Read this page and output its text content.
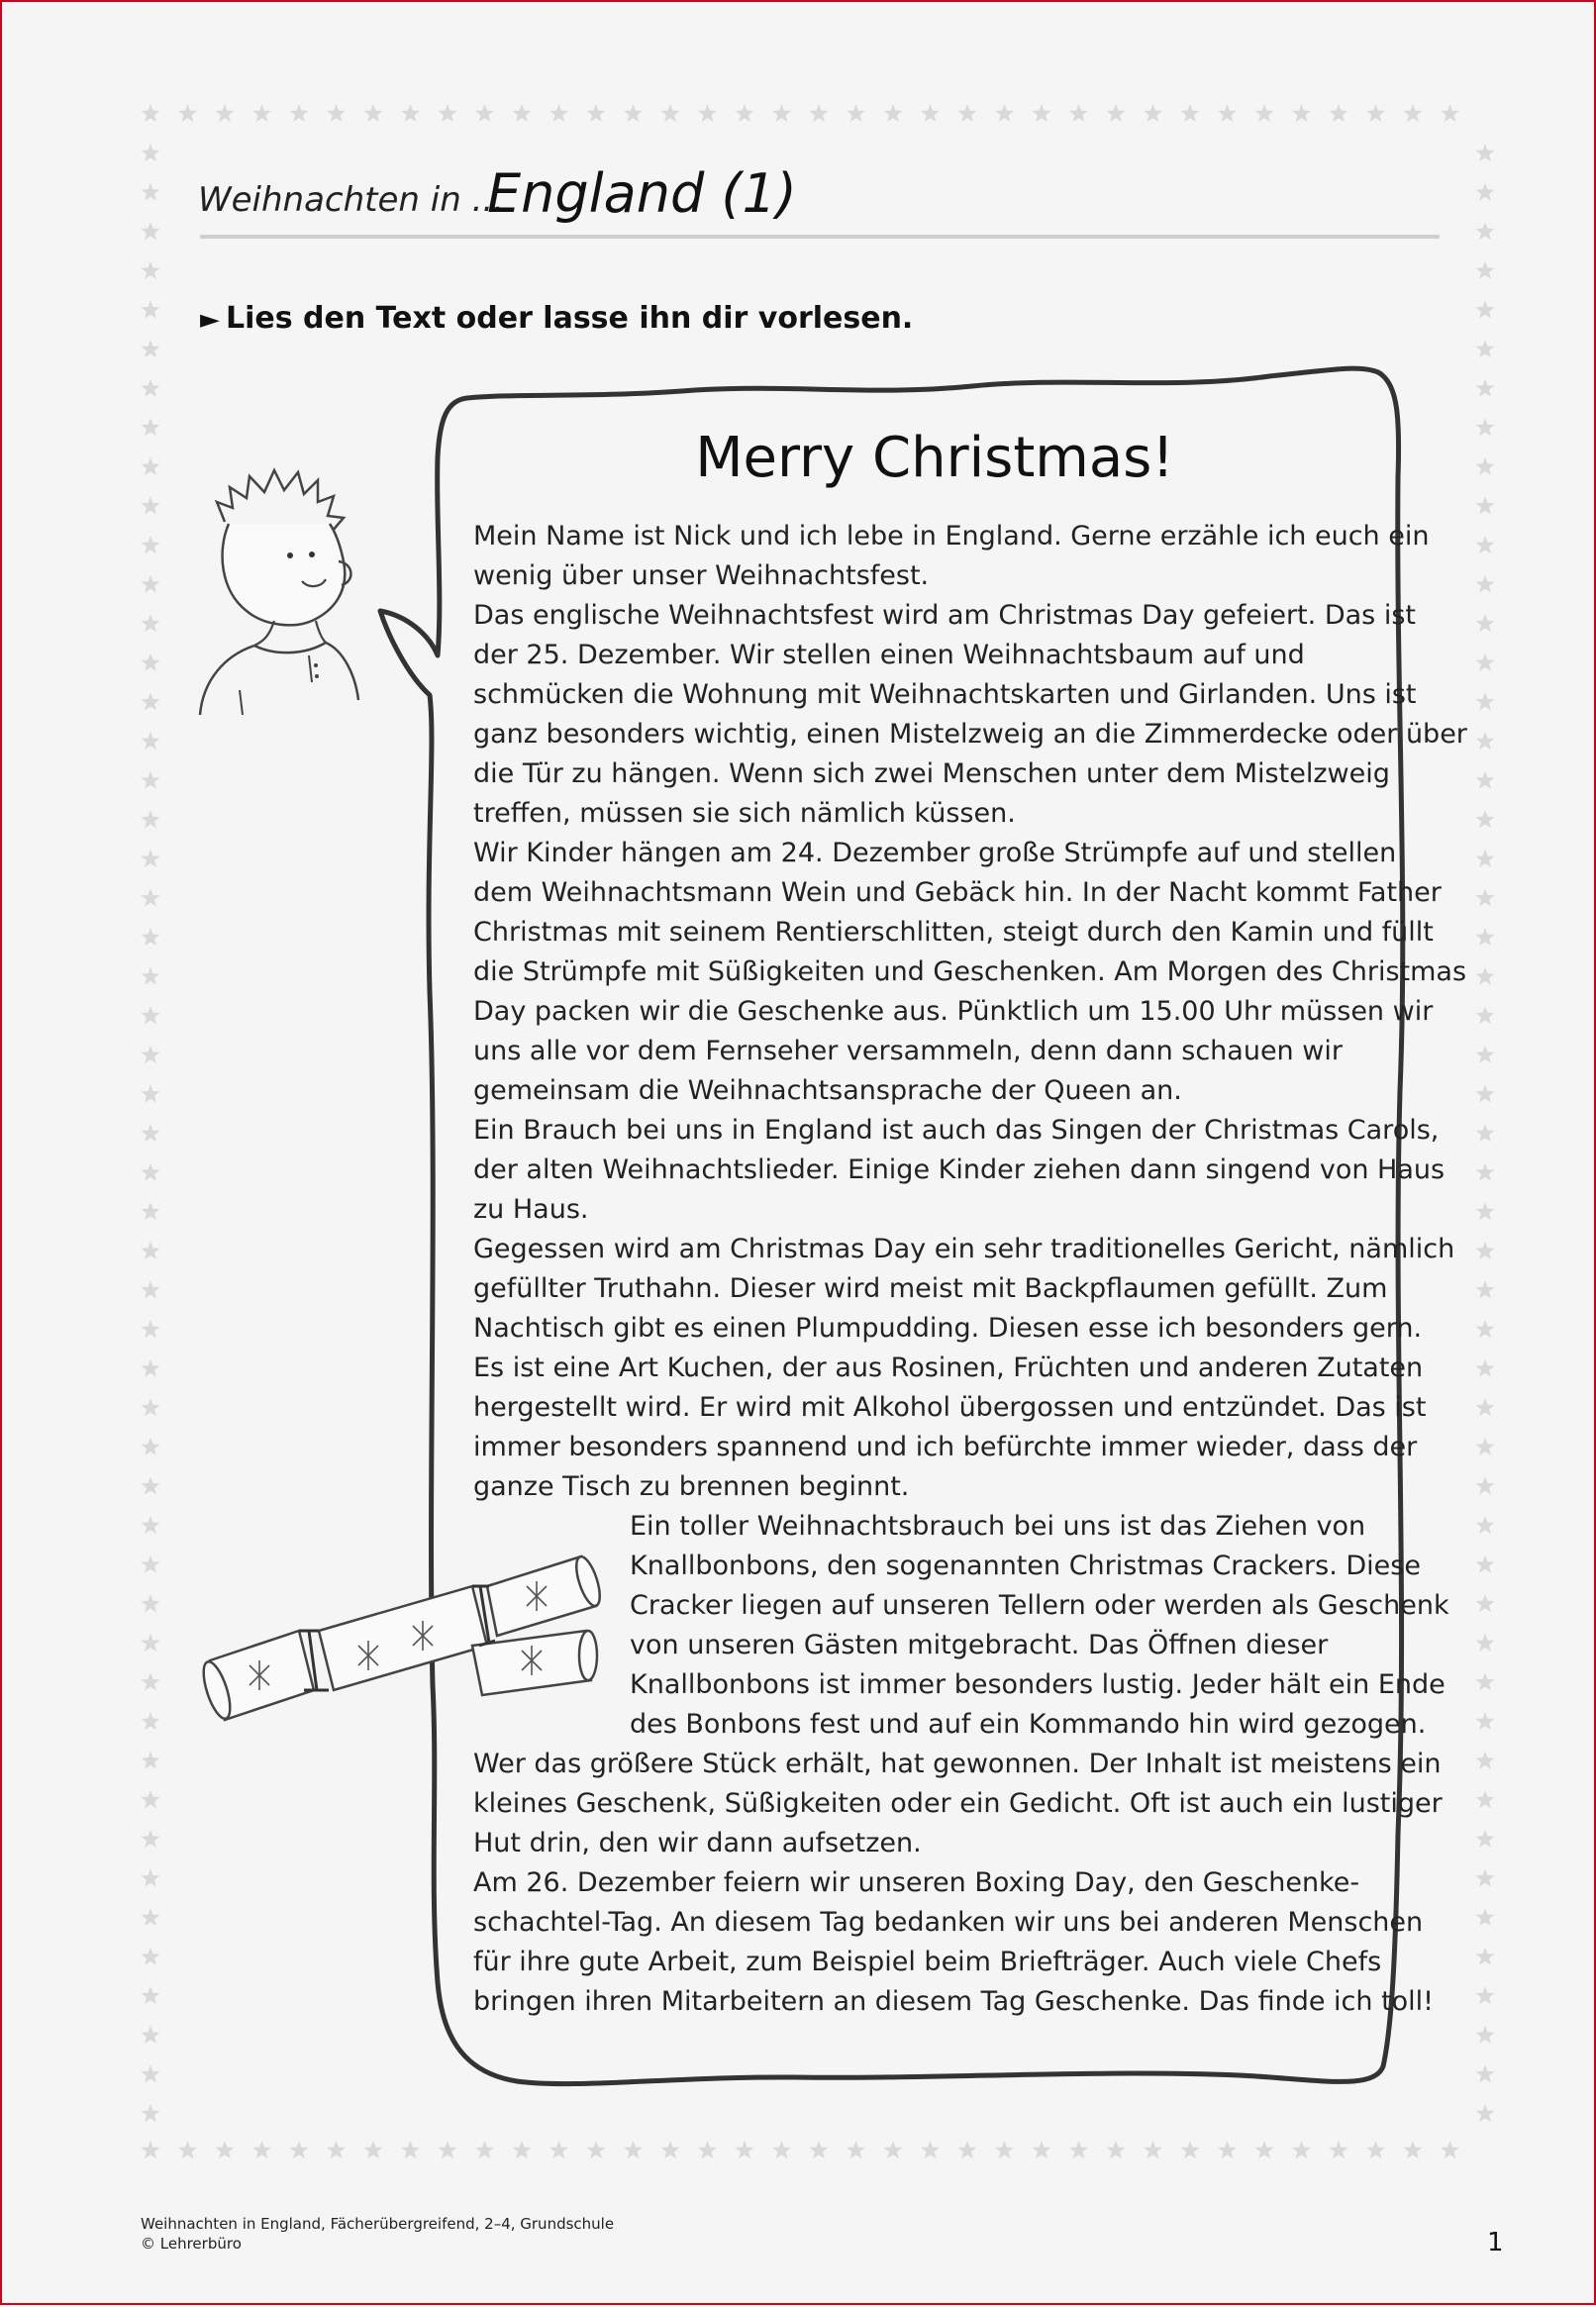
Weihnachten in ...
England (1)
► Lies den Text oder lasse ihn dir vorlesen.
Merry Christmas!
Mein Name ist Nick und ich lebe in England. Gerne erzähle ich euch ein
wenig über unser Weihnachtsfest.
Das englische Weihnachtsfest wird am Christmas Day gefeiert. Das ist
der 25. Dezember. Wir stellen einen Weihnachtsbaum auf und
schmücken die Wohnung mit Weihnachtskarten und Girlanden. Uns ist
ganz besonders wichtig, einen Mistelzweig an die Zimmerdecke oder über
die Tür zu hängen. Wenn sich zwei Menschen unter dem Mistelzweig
treffen, müssen sie sich nämlich küssen.
Wir Kinder hängen am 24. Dezember große Strümpfe auf und stellen
dem Weihnachtsmann Wein und Gebäck hin. In der Nacht kommt Father
Christmas mit seinem Rentierschlitten, steigt durch den Kamin und füllt
die Strümpfe mit Süßigkeiten und Geschenken. Am Morgen des Christmas
Day packen wir die Geschenke aus. Pünktlich um 15.00 Uhr müssen wir
uns alle vor dem Fernseher versammeln, denn dann schauen wir
gemeinsam die Weihnachtsansprache der Queen an.
Ein Brauch bei uns in England ist auch das Singen der Christmas Carols,
der alten Weihnachtslieder. Einige Kinder ziehen dann singend von Haus
zu Haus.
Gegessen wird am Christmas Day ein sehr traditionelles Gericht, nämlich
gefüllter Truthahn. Dieser wird meist mit Backpflaumen gefüllt. Zum
Nachtisch gibt es einen Plumpudding. Diesen esse ich besonders gern.
Es ist eine Art Kuchen, der aus Rosinen, Früchten und anderen Zutaten
hergestellt wird. Er wird mit Alkohol übergossen und entzündet. Das ist
immer besonders spannend und ich befürchte immer wieder, dass der
ganze Tisch zu brennen beginnt.
Ein toller Weihnachtsbrauch bei uns ist das Ziehen von
Knallbonbons, den sogenannten Christmas Crackers. Diese
Cracker liegen auf unseren Tellern oder werden als Geschenk
von unseren Gästen mitgebracht. Das Öffnen dieser
Knallbonbons ist immer besonders lustig. Jeder hält ein Ende
des Bonbons fest und auf ein Kommando hin wird gezogen.
Wer das größere Stück erhält, hat gewonnen. Der Inhalt ist meistens ein
kleines Geschenk, Süßigkeiten oder ein Gedicht. Oft ist auch ein lustiger
Hut drin, den wir dann aufsetzen.
Am 26. Dezember feiern wir unseren Boxing Day, den Geschenke-
schachtel-Tag. An diesem Tag bedanken wir uns bei anderen Menschen
für ihre gute Arbeit, zum Beispiel beim Briefträger. Auch viele Chefs
bringen ihren Mitarbeitern an diesem Tag Geschenke. Das finde ich toll!
Weihnachten in England, Fächerübergreifend, 2–4, Grundschule
© Lehrerbüro	1
